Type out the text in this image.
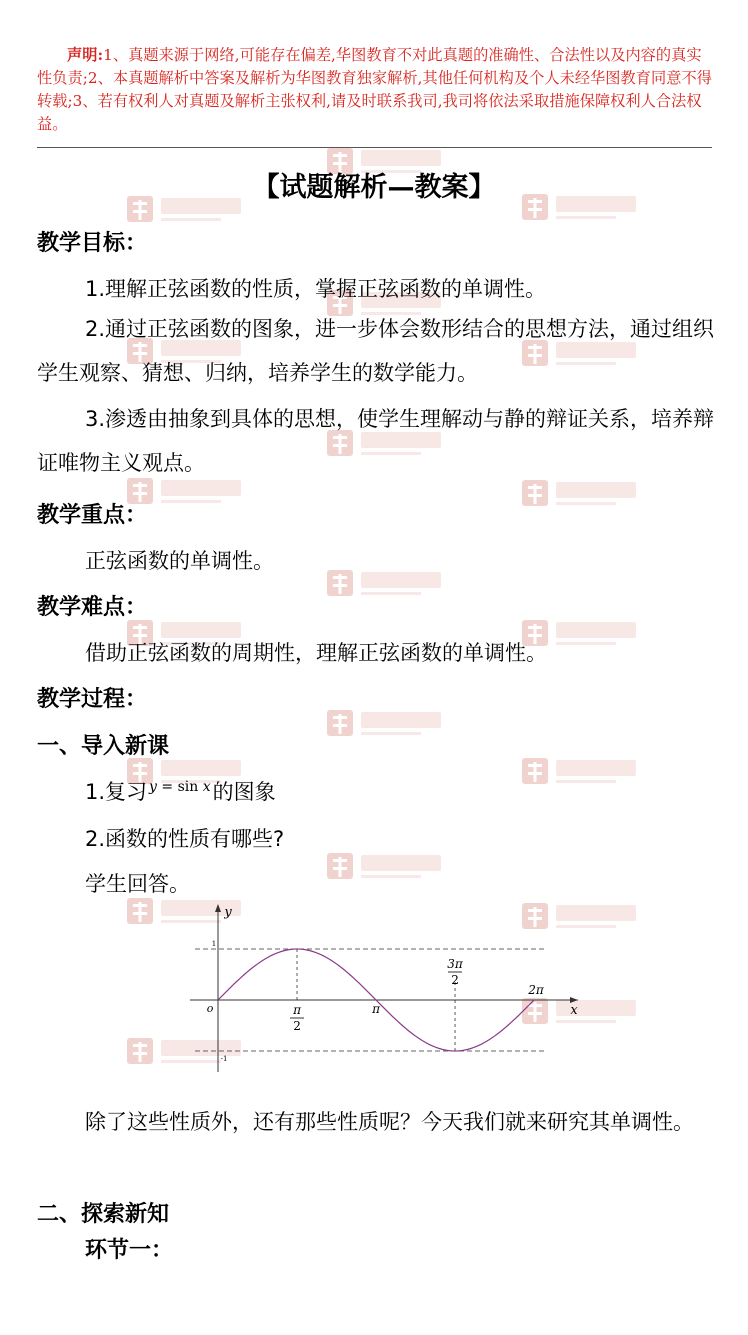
声明:1、真题来源于网络,可能存在偏差,华图教育不对此真题的准确性、合法性以及内容的真实性负责;2、本真题解析中答案及解析为华图教育独家解析,其他任何机构及个人未经华图教育同意不得转载;3、若有权利人对真题及解析主张权利,请及时联系我司,我司将依法采取措施保障权利人合法权益。
【试题解析—教案】
教学目标：
1.理解正弦函数的性质，掌握正弦函数的单调性。
2.通过正弦函数的图象，进一步体会数形结合的思想方法，通过组织学生观察、猜想、归纳，培养学生的数学能力。
3.渗透由抽象到具体的思想，使学生理解动与静的辩证关系，培养辩证唯物主义观点。
教学重点：
正弦函数的单调性。
教学难点：
借助正弦函数的周期性，理解正弦函数的单调性。
教学过程：
一、导入新课
1.复习 $^{y = sin x}$的图象
2.函数的性质有哪些?
学生回答。
π
2
π
3π
2
2π
x
y
o
1
-1
除了这些性质外，还有那些性质呢？今天我们就来研究其单调性。
二、探索新知
环节一：
